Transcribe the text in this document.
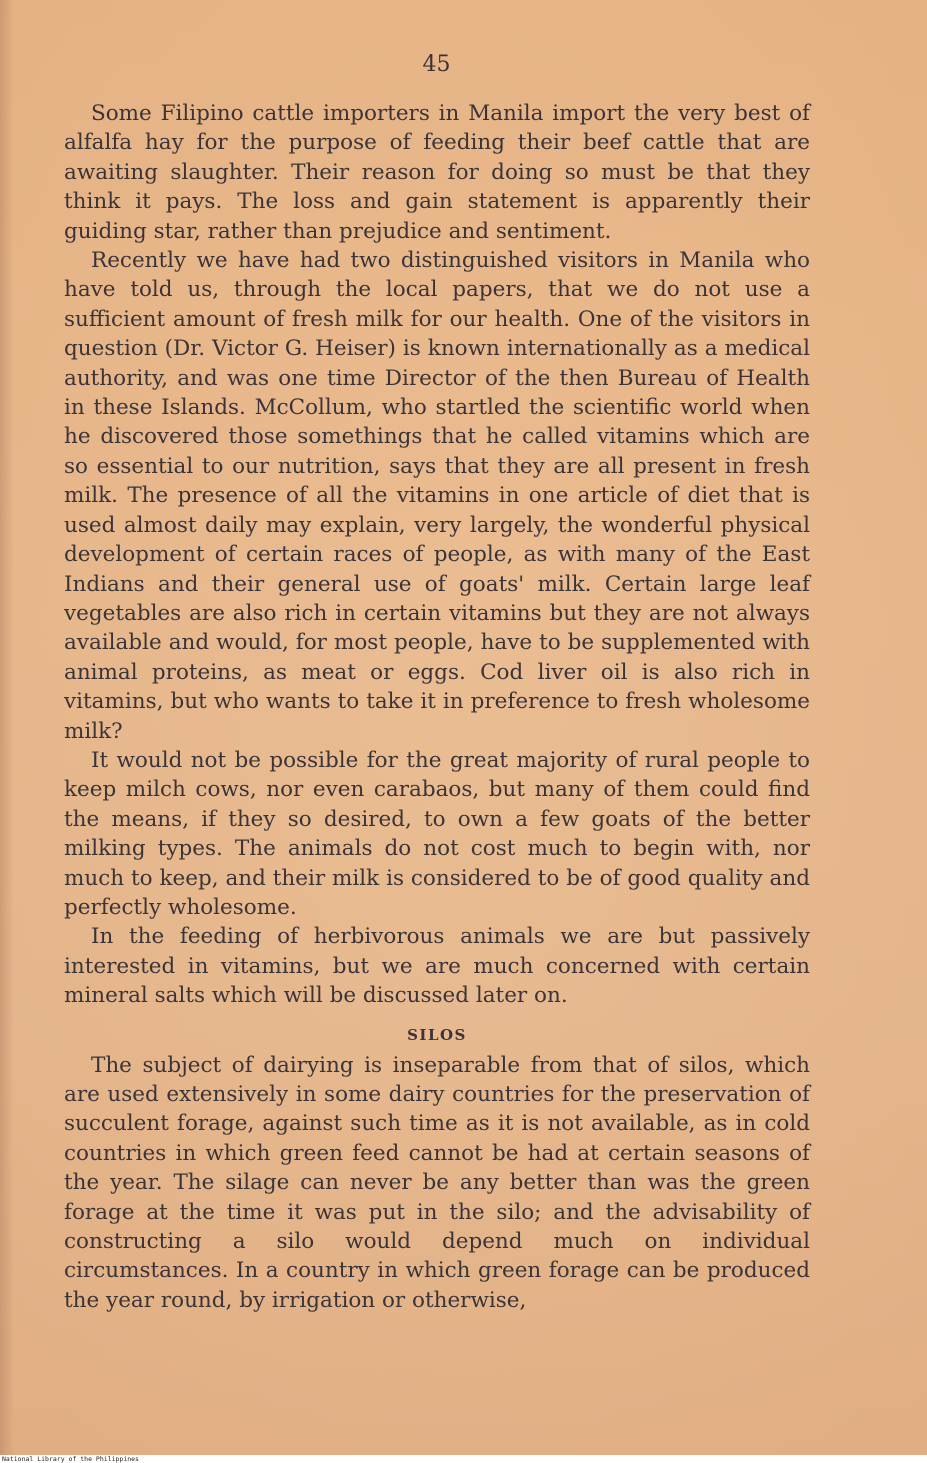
45

Some Filipino cattle importers in Manila import the very best of alfalfa hay for the purpose of feeding their beef cattle that are awaiting slaughter. Their reason for doing so must be that they think it pays. The loss and gain statement is apparently their guiding star, rather than prejudice and sentiment.

Recently we have had two distinguished visitors in Manila who have told us, through the local papers, that we do not use a sufficient amount of fresh milk for our health. One of the visitors in question (Dr. Victor G. Heiser) is known internationally as a medical authority, and was one time Director of the then Bureau of Health in these Islands. McCollum, who startled the scientific world when he discovered those somethings that he called vitamins which are so essential to our nutrition, says that they are all present in fresh milk. The presence of all the vitamins in one article of diet that is used almost daily may explain, very largely, the wonderful physical development of certain races of people, as with many of the East Indians and their general use of goats' milk. Certain large leaf vegetables are also rich in certain vitamins but they are not always available and would, for most people, have to be supplemented with animal proteins, as meat or eggs. Cod liver oil is also rich in vitamins, but who wants to take it in preference to fresh wholesome milk?

It would not be possible for the great majority of rural people to keep milch cows, nor even carabaos, but many of them could find the means, if they so desired, to own a few goats of the better milking types. The animals do not cost much to begin with, nor much to keep, and their milk is considered to be of good quality and perfectly wholesome.

In the feeding of herbivorous animals we are but passively interested in vitamins, but we are much concerned with certain mineral salts which will be discussed later on.

SILOS

The subject of dairying is inseparable from that of silos, which are used extensively in some dairy countries for the preservation of succulent forage, against such time as it is not available, as in cold countries in which green feed cannot be had at certain seasons of the year. The silage can never be any better than was the green forage at the time it was put in the silo; and the advisability of constructing a silo would depend much on individual circumstances. In a country in which green forage can be produced the year round, by irrigation or otherwise,

National Library of the Philippines
